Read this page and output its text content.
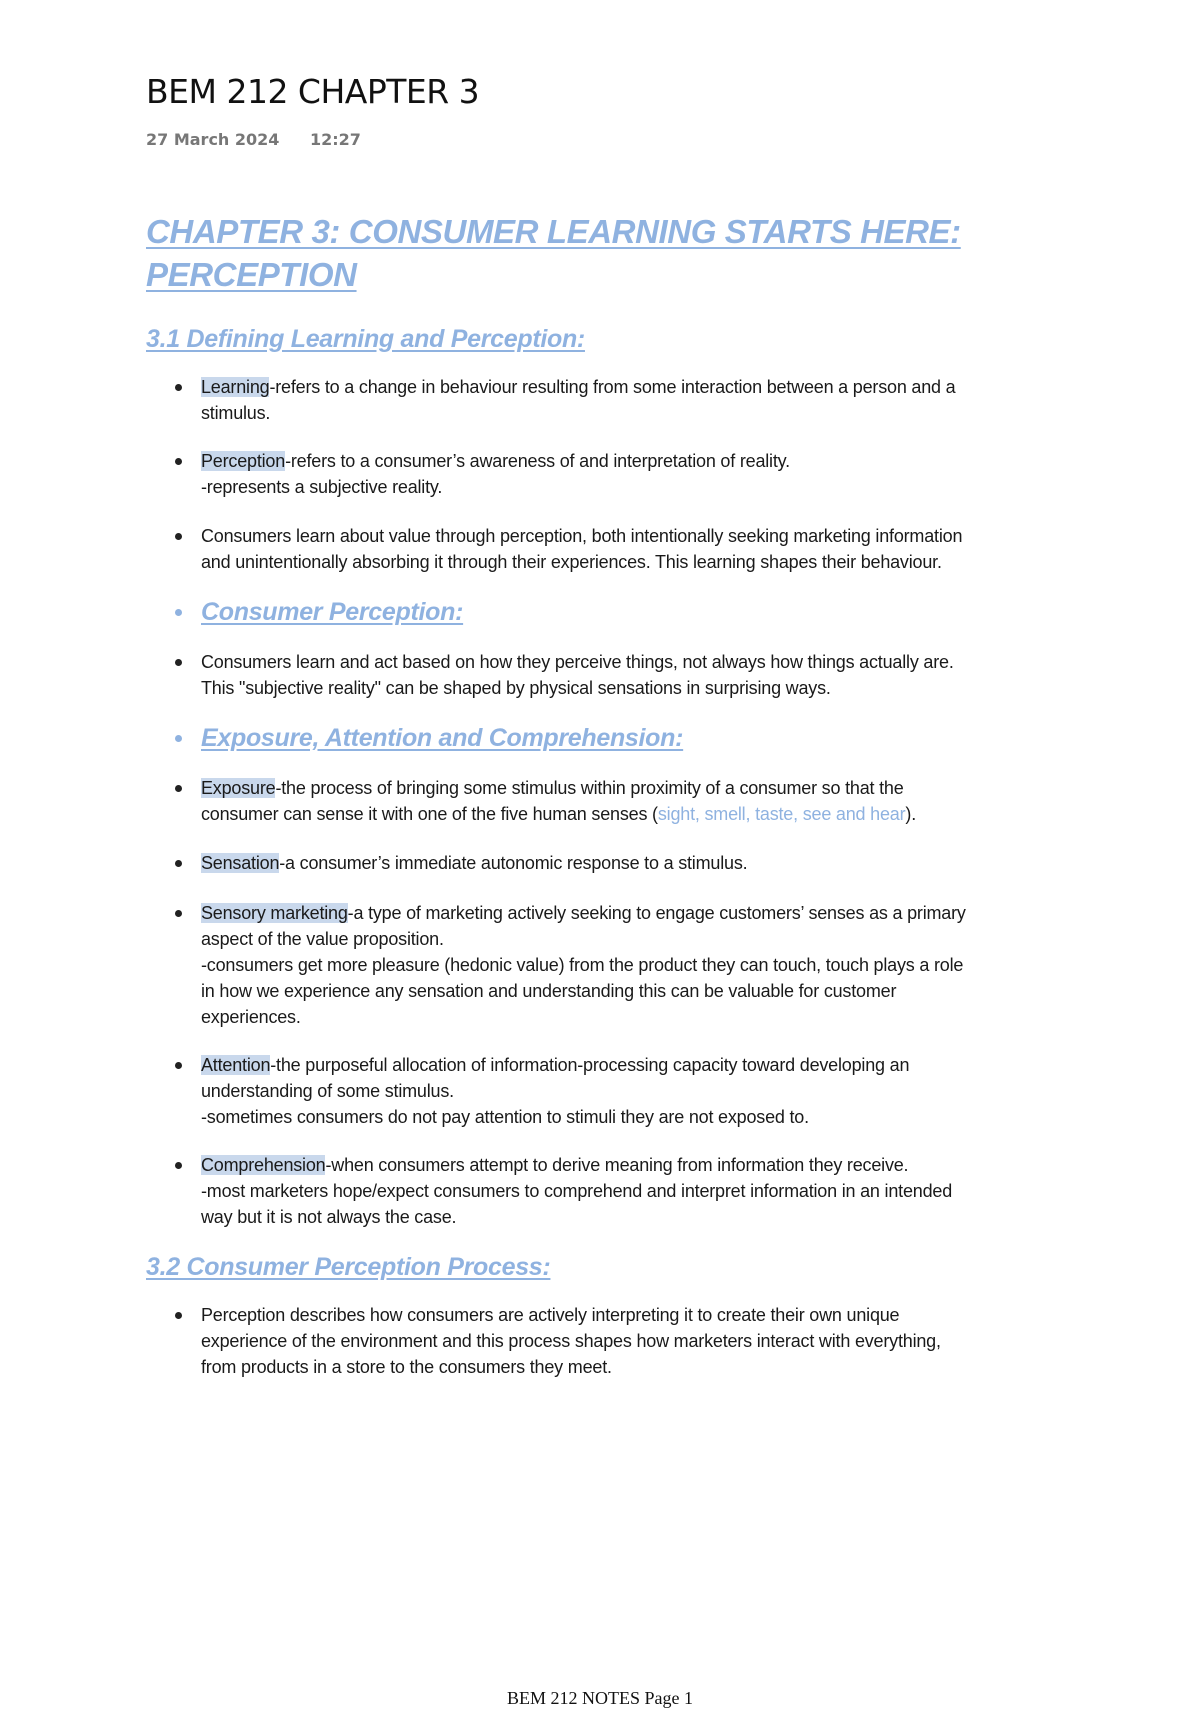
BEM 212 CHAPTER 3
27 March 2024 12:27
CHAPTER 3: CONSUMER LEARNING STARTS HERE: PERCEPTION
3.1 Defining Learning and Perception:
Learning-refers to a change in behaviour resulting from some interaction between a person and a stimulus.
Perception-refers to a consumer’s awareness of and interpretation of reality.
-represents a subjective reality.
Consumers learn about value through perception, both intentionally seeking marketing information and unintentionally absorbing it through their experiences. This learning shapes their behaviour.
Consumer Perception:
Consumers learn and act based on how they perceive things, not always how things actually are. This "subjective reality" can be shaped by physical sensations in surprising ways.
Exposure, Attention and Comprehension:
Exposure-the process of bringing some stimulus within proximity of a consumer so that the consumer can sense it with one of the five human senses (sight, smell, taste, see and hear).
Sensation-a consumer’s immediate autonomic response to a stimulus.
Sensory marketing-a type of marketing actively seeking to engage customers’ senses as a primary aspect of the value proposition.
-consumers get more pleasure (hedonic value) from the product they can touch, touch plays a role in how we experience any sensation and understanding this can be valuable for customer experiences.
Attention-the purposeful allocation of information-processing capacity toward developing an understanding of some stimulus.
-sometimes consumers do not pay attention to stimuli they are not exposed to.
Comprehension-when consumers attempt to derive meaning from information they receive.
-most marketers hope/expect consumers to comprehend and interpret information in an intended way but it is not always the case.
3.2 Consumer Perception Process:
Perception describes how consumers are actively interpreting it to create their own unique experience of the environment and this process shapes how marketers interact with everything, from products in a store to the consumers they meet.
BEM 212 NOTES Page 1
